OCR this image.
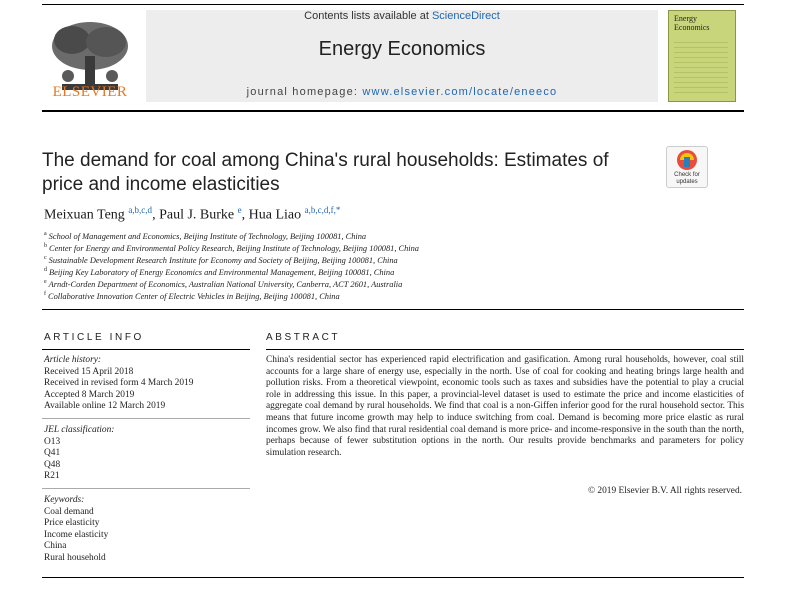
ELSEVIER
Contents lists available at ScienceDirect
Energy Economics
journal homepage: www.elsevier.com/locate/eneeco
Energy Economics
The demand for coal among China's rural households: Estimates of price and income elasticities	Check for updates
Meixuan Teng $^{a,b,c,d}$, Paul J. Burke $^e$, Hua Liao $^{a,b,c,d,f,*}$
$^a$ School of Management and Economics, Beijing Institute of Technology, Beijing 100081, China
$^b$ Center for Energy and Environmental Policy Research, Beijing Institute of Technology, Beijing 100081, China
$^c$ Sustainable Development Research Institute for Economy and Society of Beijing, Beijing 100081, China
$^d$ Beijing Key Laboratory of Energy Economics and Environmental Management, Beijing 100081, China
$^e$ Arndt-Corden Department of Economics, Australian National University, Canberra, ACT 2601, Australia
$^f$ Collaborative Innovation Center of Electric Vehicles in Beijing, Beijing 100081, China
ARTICLE INFO
Article history:
Received 15 April 2018
Received in revised form 4 March 2019
Accepted 8 March 2019
Available online 12 March 2019
JEL classification:
O13
Q41
Q48
R21
Keywords:
Coal demand
Price elasticity
Income elasticity
China
Rural household
ABSTRACT
China's residential sector has experienced rapid electrification and gasification. Among rural households, however, coal still accounts for a large share of energy use, especially in the north. Use of coal for cooking and heating brings large health and pollution risks. From a theoretical viewpoint, economic tools such as taxes and subsidies have the potential to play a crucial role in addressing this issue. In this paper, a provincial-level dataset is used to estimate the price and income elasticities of aggregate coal demand by rural households. We find that coal is a non-Giffen inferior good for the rural household sector. This means that future income growth may help to induce switching from coal. Demand is becoming more price elastic as rural incomes grow. We also find that rural residential coal demand is more price- and income-responsive in the south than the north, perhaps because of fewer substitution options in the north. Our results provide benchmarks and parameters for policy simulation research.
© 2019 Elsevier B.V. All rights reserved.
